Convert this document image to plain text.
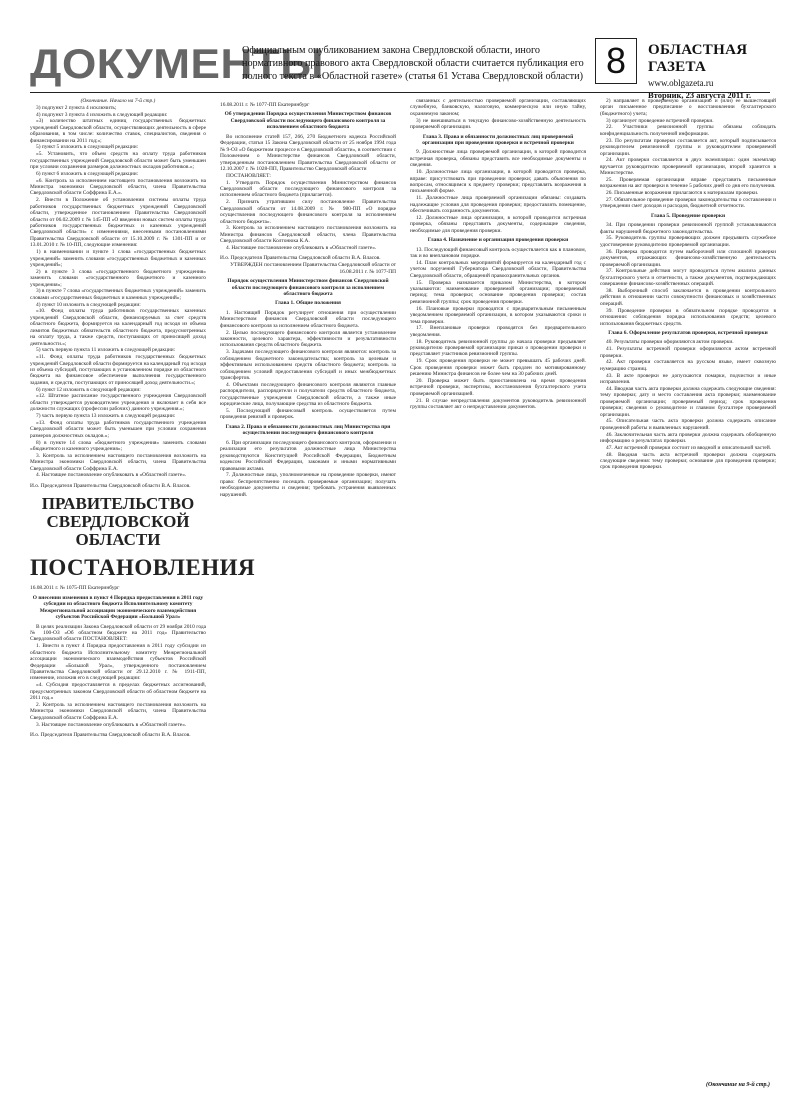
ДОКУМЕНТЫ
Официальным опубликованием закона Свердловской области, иного нормативного правового акта Свердловской области считается публикация его полного текста в «Областной газете» (статья 61 Устава Свердловской области) 8	ОБЛАСТНАЯ ГАЗЕТА
www.oblgazeta.ru
Вторник, 23 августа 2011 г.

(Окончание. Начало на 7-й стр.)

3) подпункт 2 пункта 4 исключить;

4) подпункт 3 пункта 4 изложить в следующей редакции:

«3) количество штатных единиц государственных бюджетных учреждений Свердловской области, осуществляющих деятельность в сфере образования, в том числе: количество ставок, специалистов, сведения о финансировании на 2011 год;»;

5) пункт 5 изложить в следующей редакции:

«5. Установить, что объем средств на оплату труда работников государственных учреждений Свердловской области может быть уменьшен при условии сохранения размеров должностных окладов работников.»;

6) пункт 6 изложить в следующей редакции:

«6. Контроль за исполнением настоящего постановления возложить на Министра экономики Свердловской области, члена Правительства Свердловской области Соффрина Е.А.».

2. Внести в Положение об установлении системы оплаты труда работников государственных бюджетных учреждений Свердловской области, утвержденное постановлением Правительства Свердловской области от 06.02.2009 г. № 145-ПП «О введении новых систем оплаты труда работников государственных бюджетных и казенных учреждений Свердловской области» с изменениями, внесенными постановлениями Правительства Свердловской области от 15.10.2009 г. № 1301-ПП и от 13.01.2010 г. № 10-ПП, следующие изменения:

1) в наименовании и пункте 1 слова «государственных бюджетных учреждений» заменить словами «государственных бюджетных и казенных учреждений»;

2) в пункте 3 слова «государственного бюджетного учреждения» заменить словами «государственного бюджетного и казенного учреждения»;

3) в пункте 7 слова «государственных бюджетных учреждений» заменить словами «государственных бюджетных и казенных учреждений»;

4) пункт 10 изложить в следующей редакции:

«10. Фонд оплаты труда работников государственных казенных учреждений Свердловской области, финансируемых за счет средств областного бюджета, формируется на календарный год исходя из объема лимитов бюджетных обязательств областного бюджета, предусмотренных на оплату труда, а также средств, поступающих от приносящей доход деятельности.»;

5) часть первую пункта 11 изложить в следующей редакции:

«11. Фонд оплаты труда работников государственных бюджетных учреждений Свердловской области формируется на календарный год исходя из объема субсидий, поступающих в установленном порядке из областного бюджета на финансовое обеспечение выполнения государственного задания, и средств, поступающих от приносящей доход деятельности.»;

6) пункт 12 изложить в следующей редакции:

«12. Штатное расписание государственного учреждения Свердловской области утверждается руководителем учреждения и включает в себя все должности служащих (профессии рабочих) данного учреждения.»;

7) часть первую пункта 13 изложить в следующей редакции:

«13. Фонд оплаты труда работников государственного учреждения Свердловской области может быть уменьшен при условии сохранения размеров должностных окладов.»;

8) в пункте 14 слова «бюджетного учреждения» заменить словами «бюджетного и казенного учреждения»;

3. Контроль за исполнением настоящего постановления возложить на Министра экономики Свердловской области, члена Правительства Свердловской области Соффрина Е.А.

4. Настоящее постановление опубликовать в «Областной газете».

И.о. Председателя Правительства Свердловской области В.А. Власов.

ПРАВИТЕЛЬСТВО СВЕРДЛОВСКОЙ ОБЛАСТИ
ПОСТАНОВЛЕНИЯ

16.08.2011 г. № 1075-ПП Екатеринбург

О внесении изменения в пункт 4 Порядка предоставления в 2011 году субсидии из областного бюджета Исполнительному комитету Межрегиональной ассоциации экономического взаимодействия субъектов Российской Федерации «Большой Урал»

В целях реализации Закона Свердловской области от 29 ноября 2010 года № 100-ОЗ «Об областном бюджете на 2011 год» Правительство Свердловской области ПОСТАНОВЛЯЕТ:

1. Внести в пункт 4 Порядка предоставления в 2011 году субсидии из областного бюджета Исполнительному комитету Межрегиональной ассоциации экономического взаимодействия субъектов Российской Федерации «Большой Урал», утвержденного постановлением Правительства Свердловской области от 29.12.2010 г. № 1911-ПП, изменение, изложив его в следующей редакции:

«4. Субсидия предоставляется в пределах бюджетных ассигнований, предусмотренных законом Свердловской области об областном бюджете на 2011 год.»

2. Контроль за исполнением настоящего постановления возложить на Министра экономики Свердловской области, члена Правительства Свердловской области Соффрина Е.А.

3. Настоящее постановление опубликовать в «Областной газете».

И.о. Председателя Правительства Свердловской области В.А. Власов.

16.08.2011 г. № 1077-ПП Екатеринбург

Об утверждении Порядка осуществления Министерством финансов Свердловской области последующего финансового контроля за исполнением областного бюджета

Во исполнение статей 157, 266, 270 Бюджетного кодекса Российской Федерации, статьи 15 Закона Свердловской области от 25 ноября 1994 года № 9-ОЗ «О бюджетном процессе в Свердловской области», в соответствии с Положением о Министерстве финансов Свердловской области, утвержденным постановлением Правительства Свердловской области от 12.10.2007 г. № 1028-ПП, Правительство Свердловской области

ПОСТАНОВЛЯЕТ:

1. Утвердить Порядок осуществления Министерством финансов Свердловской области последующего финансового контроля за исполнением областного бюджета (прилагается).

2. Признать утратившим силу постановление Правительства Свердловской области от 14.08.2009 г. № 980-ПП «О порядке осуществления последующего финансового контроля за исполнением областного бюджета».

3. Контроль за исполнением настоящего постановления возложить на Министра финансов Свердловской области, члена Правительства Свердловской области Колтонюка К.А.

4. Настоящее постановление опубликовать в «Областной газете».

И.о. Председателя Правительства Свердловской области В.А. Власов.

УТВЕРЖДЕН постановлением Правительства Свердловской области от 16.08.2011 г. № 1077-ПП

Порядок осуществления Министерством финансов Свердловской области последующего финансового контроля за исполнением областного бюджета

Глава 1. Общие положения

1. Настоящий Порядок регулирует отношения при осуществлении Министерством финансов Свердловской области последующего финансового контроля за исполнением областного бюджета.

2. Целью последующего финансового контроля является установление законности, целевого характера, эффективности и результативности использования средств областного бюджета.

3. Задачами последующего финансового контроля являются: контроль за соблюдением бюджетного законодательства; контроль за целевым и эффективным использованием средств областного бюджета; контроль за соблюдением условий предоставления субсидий и иных межбюджетных трансфертов.

4. Объектами последующего финансового контроля являются главные распорядители, распорядители и получатели средств областного бюджета, государственные учреждения Свердловской области, а также иные юридические лица, получающие средства из областного бюджета.

5. Последующий финансовый контроль осуществляется путем проведения ревизий и проверок.

Глава 2. Права и обязанности должностных лиц Министерства при осуществлении последующего финансового контроля

6. При организации последующего финансового контроля, оформлении и реализации его результатов должностные лица Министерства руководствуются Конституцией Российской Федерации, Бюджетным кодексом Российской Федерации, законами и иными нормативными правовыми актами.

7. Должностные лица, уполномоченные на проведение проверки, имеют право: беспрепятственно посещать проверяемые организации; получать необходимые документы и сведения; требовать устранения выявленных нарушений.

связанных с деятельностью проверяемой организации, составляющих служебную, банковскую, налоговую, коммерческую или иную тайну, охраняемую законом;

3) не вмешиваться в текущую финансово-хозяйственную деятельность проверяемой организации.

Глава 3. Права и обязанности должностных лиц проверяемой организации при проведении проверки и встречной проверки

9. Должностные лица проверяемой организации, в которой проводится встречная проверка, обязаны представить все необходимые документы и сведения.

10. Должностные лица организации, в которой проводится проверка, вправе: присутствовать при проведении проверки; давать объяснения по вопросам, относящимся к предмету проверки; представлять возражения в письменной форме.

11. Должностные лица проверяемой организации обязаны: создавать надлежащие условия для проведения проверки; предоставлять помещение, обеспечивать сохранность документов.

12. Должностные лица организации, в которой проводится встречная проверка, обязаны представить документы, содержащие сведения, необходимые для проведения проверки.

Глава 4. Назначение и организация проведения проверки

13. Последующий финансовый контроль осуществляется как в плановом, так и во внеплановом порядке.

14. План контрольных мероприятий формируется на календарный год с учетом поручений Губернатора Свердловской области, Правительства Свердловской области, обращений правоохранительных органов.

15. Проверка назначается приказом Министерства, в котором указываются: наименование проверяемой организации; проверяемый период; тема проверки; основание проведения проверки; состав ревизионной группы; срок проведения проверки.

16. Плановые проверки проводятся с предварительным письменным уведомлением проверяемой организации, в котором указываются сроки и тема проверки.

17. Внеплановые проверки проводятся без предварительного уведомления.

18. Руководитель ревизионной группы до начала проверки предъявляет руководителю проверяемой организации приказ о проведении проверки и представляет участников ревизионной группы.

19. Срок проведения проверки не может превышать 45 рабочих дней. Срок проведения проверки может быть продлен по мотивированному решению Министра финансов не более чем на 30 рабочих дней.

20. Проверка может быть приостановлена на время проведения встречной проверки, экспертизы, восстановления бухгалтерского учета проверяемой организацией.

21. В случае непредставления документов руководитель ревизионной группы составляет акт о непредставлении документов.

2) направляет в проверяемую организацию и (или) ее вышестоящий орган письменное предписание о восстановлении бухгалтерского (бюджетного) учета;

3) организует проведение встречной проверки.

22. Участники ревизионной группы обязаны соблюдать конфиденциальность полученной информации.

23. По результатам проверки составляется акт, который подписывается руководителем ревизионной группы и руководителем проверяемой организации.

24. Акт проверки составляется в двух экземплярах: один экземпляр вручается руководителю проверяемой организации, второй хранится в Министерстве.

25. Проверяемая организация вправе представить письменные возражения на акт проверки в течение 5 рабочих дней со дня его получения.

26. Письменные возражения прилагаются к материалам проверки.

27. Обязательное проведение проверки законодательства о составлении и утверждении смет доходов и расходов, бюджетной отчетности.

Глава 5. Проведение проверки

34. При проведении проверки ревизионной группой устанавливаются факты нарушений бюджетного законодательства.

35. Руководитель группы проверяющих должен предъявить служебное удостоверение руководителю проверяемой организации.

36. Проверка проводится путем выборочной или сплошной проверки документов, отражающих финансово-хозяйственную деятельность проверяемой организации.

37. Контрольные действия могут проводиться путем анализа данных бухгалтерского учета и отчетности, а также документов, подтверждающих совершение финансово-хозяйственных операций.

38. Выборочный способ заключается в проведении контрольного действия в отношении части совокупности финансовых и хозяйственных операций.

39. Проведение проверки в обязательном порядке проводится в отношении: соблюдения порядка использования средств; целевого использования бюджетных средств.

Глава 6. Оформление результатов проверки, встречной проверки

40. Результаты проверки оформляются актом проверки.

41. Результаты встречной проверки оформляются актом встречной проверки.

42. Акт проверки составляется на русском языке, имеет сквозную нумерацию страниц.

43. В акте проверки не допускаются помарки, подчистки и иные исправления.

44. Вводная часть акта проверки должна содержать следующие сведения: тему проверки; дату и место составления акта проверки; наименование проверяемой организации; проверяемый период; срок проведения проверки; сведения о руководителе и главном бухгалтере проверяемой организации.

45. Описательная часть акта проверки должна содержать описание проведенной работы и выявленных нарушений.

46. Заключительная часть акта проверки должна содержать обобщенную информацию о результатах проверки.

47. Акт встречной проверки состоит из вводной и описательной частей.

48. Вводная часть акта встречной проверки должна содержать следующие сведения: тему проверки; основание для проведения проверки; срок проведения проверки.

(Окончание на 9-й стр.)
